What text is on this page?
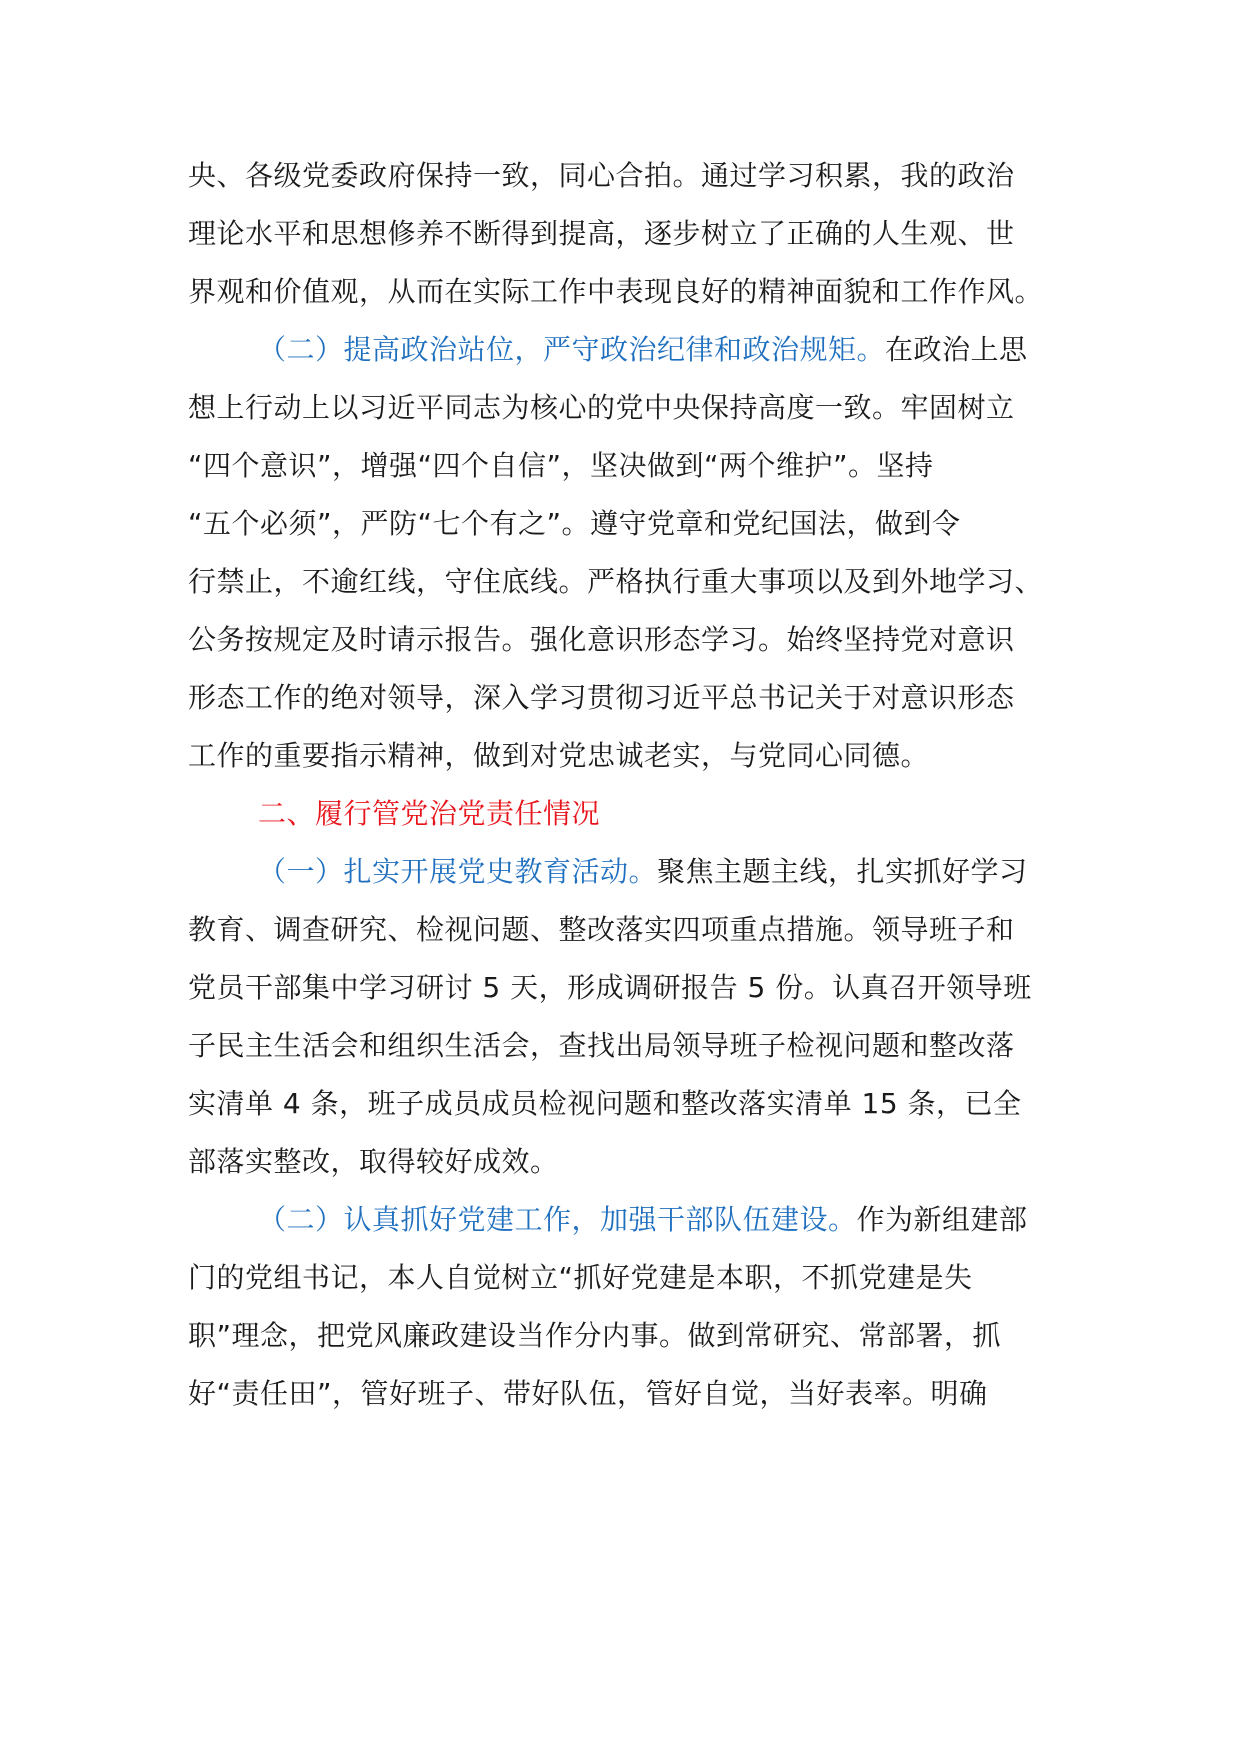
央、各级党委政府保持一致，同心合拍。通过学习积累，我的政治
理论水平和思想修养不断得到提高，逐步树立了正确的人生观、世
界观和价值观，从而在实际工作中表现良好的精神面貌和工作作风。
（二）提高政治站位，严守政治纪律和政治规矩。在政治上思
想上行动上以习近平同志为核心的党中央保持高度一致。牢固树立
“四个意识”，增强“四个自信”，坚决做到“两个维护”。坚持
“五个必须”，严防“七个有之”。遵守党章和党纪国法，做到令
行禁止，不逾红线，守住底线。严格执行重大事项以及到外地学习、
公务按规定及时请示报告。强化意识形态学习。始终坚持党对意识
形态工作的绝对领导，深入学习贯彻习近平总书记关于对意识形态
工作的重要指示精神，做到对党忠诚老实，与党同心同德。
二、履行管党治党责任情况
（一）扎实开展党史教育活动。聚焦主题主线，扎实抓好学习
教育、调查研究、检视问题、整改落实四项重点措施。领导班子和
党员干部集中学习研讨 5 天，形成调研报告 5 份。认真召开领导班
子民主生活会和组织生活会，查找出局领导班子检视问题和整改落
实清单 4 条，班子成员成员检视问题和整改落实清单 15 条，已全
部落实整改，取得较好成效。
（二）认真抓好党建工作，加强干部队伍建设。作为新组建部
门的党组书记，本人自觉树立“抓好党建是本职，不抓党建是失
职”理念，把党风廉政建设当作分内事。做到常研究、常部署，抓
好“责任田”，管好班子、带好队伍，管好自觉，当好表率。明确
